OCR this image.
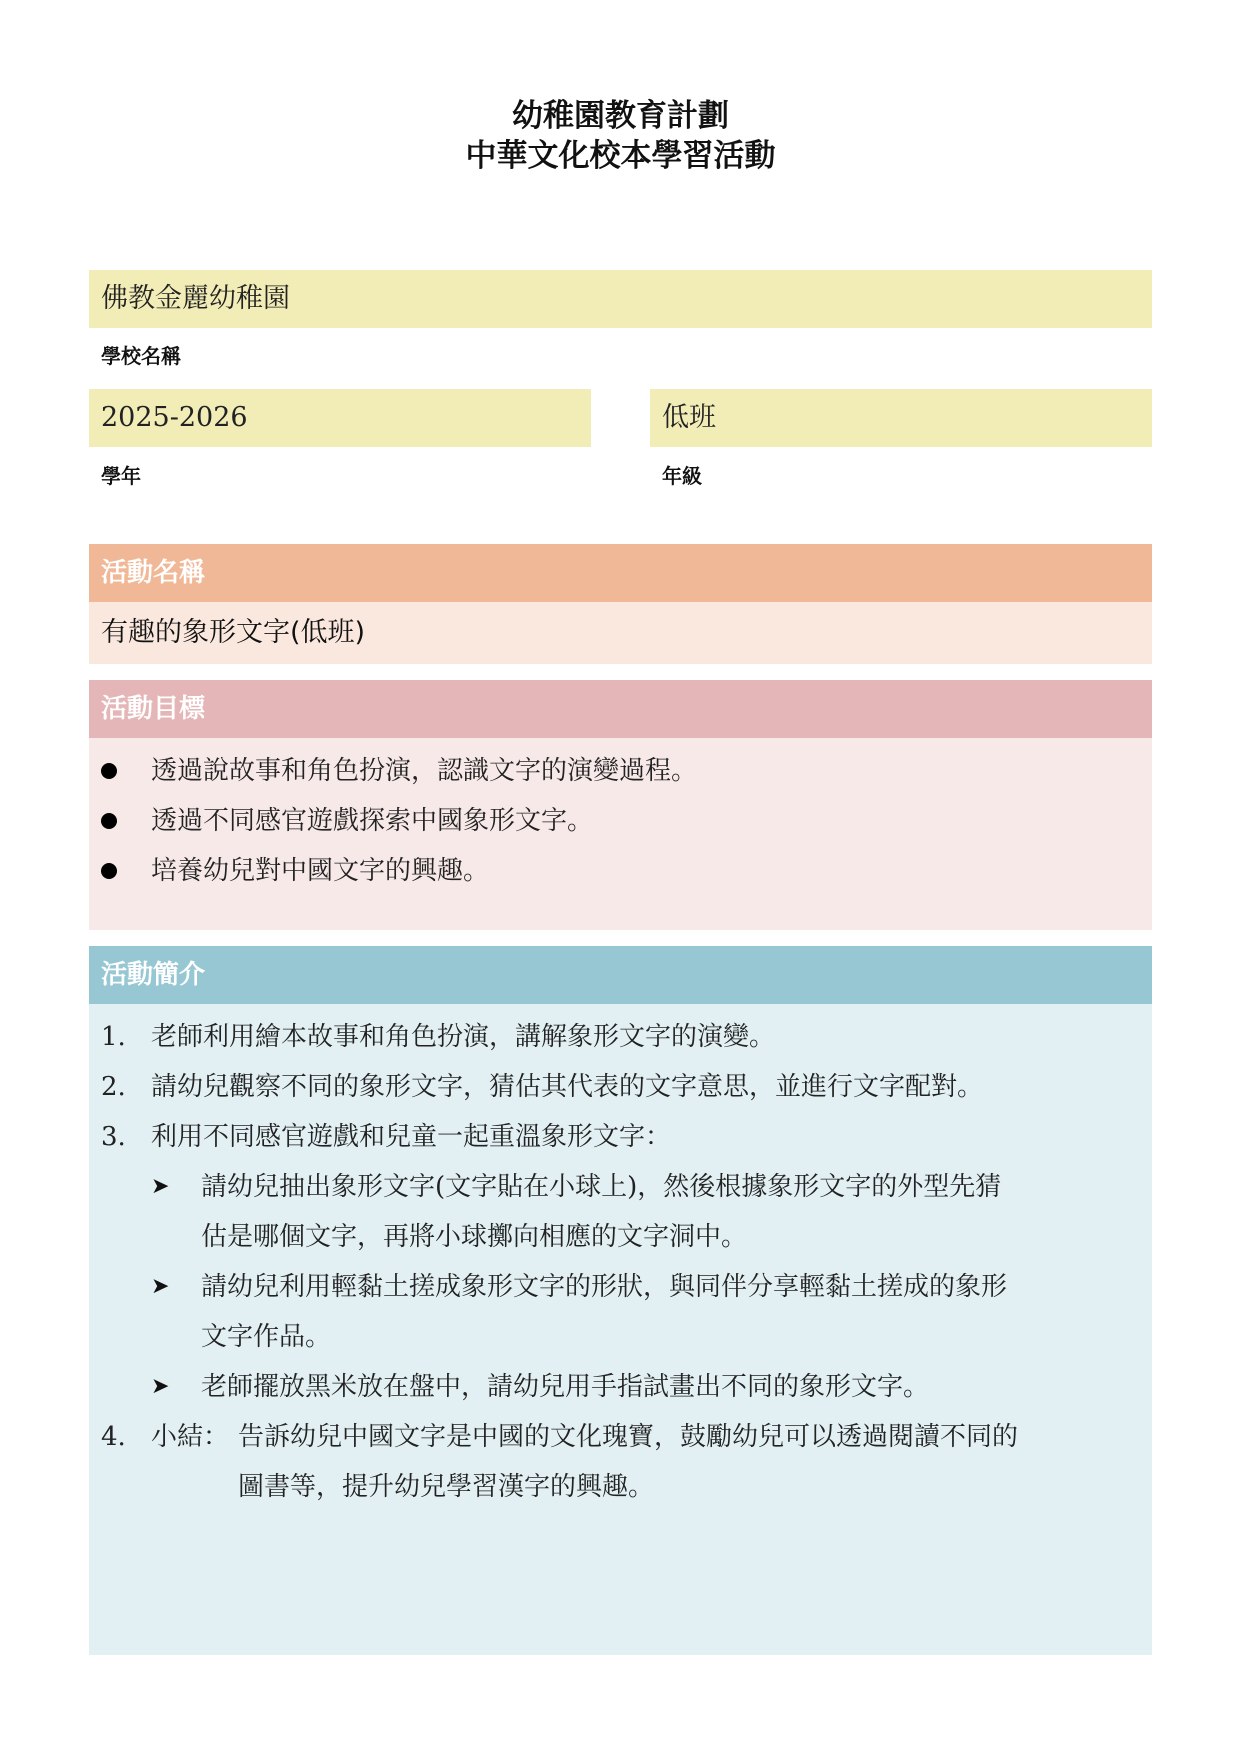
幼稚園教育計劃
中華文化校本學習活動
佛教金麗幼稚園
學校名稱
2025-2026
學年
低班
年級
活動名稱
有趣的象形文字(低班)
活動目標
透過說故事和角色扮演，認識文字的演變過程。
透過不同感官遊戲探索中國象形文字。
培養幼兒對中國文字的興趣。
活動簡介
1. 老師利用繪本故事和角色扮演，講解象形文字的演變。
2. 請幼兒觀察不同的象形文字，猜估其代表的文字意思，並進行文字配對。
3. 利用不同感官遊戲和兒童一起重溫象形文字：
➤ 請幼兒抽出象形文字(文字貼在小球上)，然後根據象形文字的外型先猜
估是哪個文字，再將小球擲向相應的文字洞中。
➤ 請幼兒利用輕黏土搓成象形文字的形狀，與同伴分享輕黏土搓成的象形
文字作品。
➤ 老師擺放黑米放在盤中，請幼兒用手指試畫出不同的象形文字。
4. 小結： 告訴幼兒中國文字是中國的文化瑰寶，鼓勵幼兒可以透過閱讀不同的
圖書等，提升幼兒學習漢字的興趣。
